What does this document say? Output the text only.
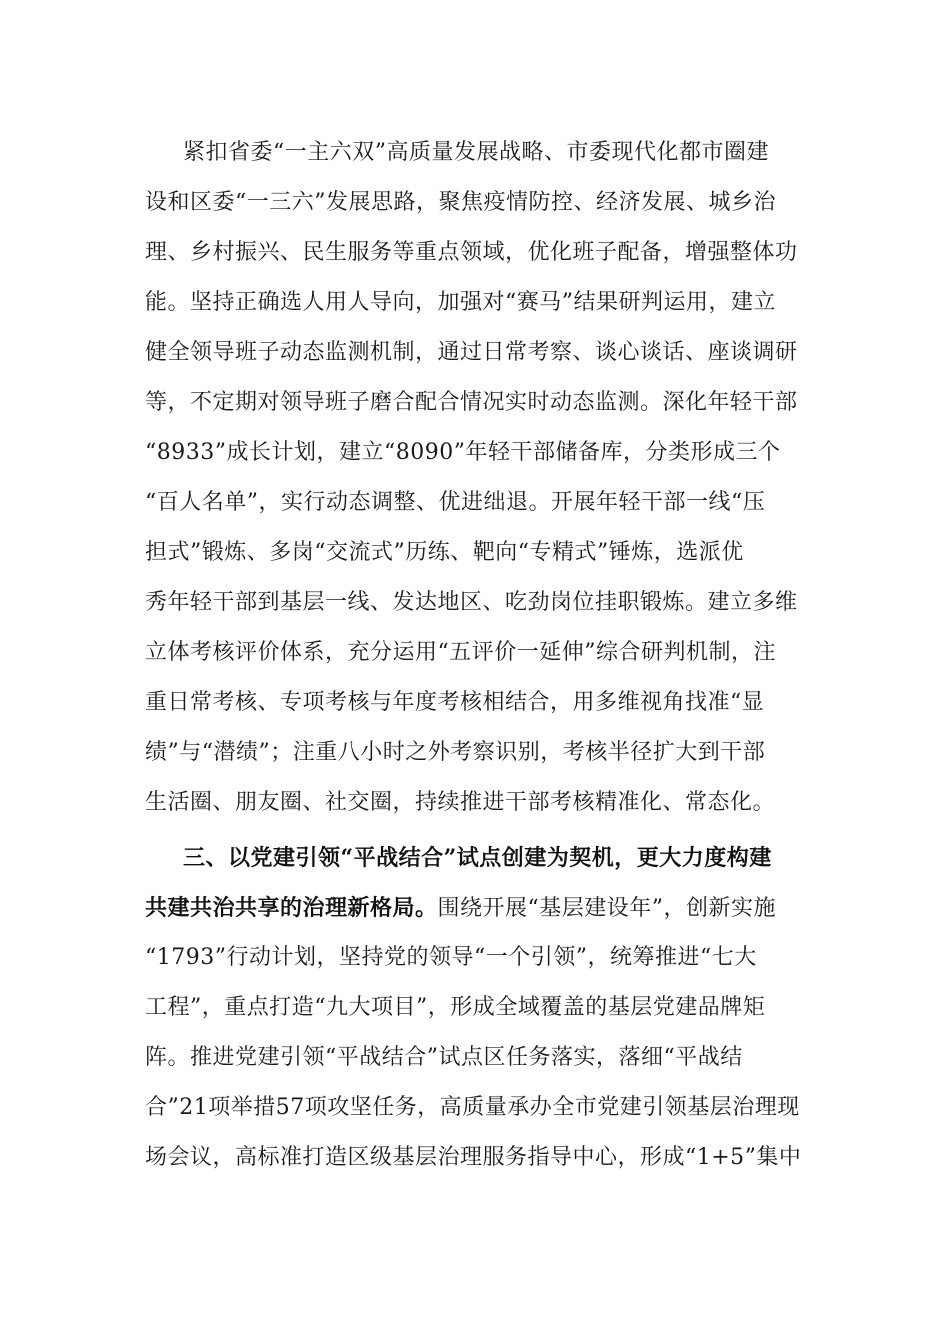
紧扣省委“一主六双”高质量发展战略、市委现代化都市圈建
设和区委“一三六”发展思路，聚焦疫情防控、经济发展、城乡治
理、乡村振兴、民生服务等重点领域，优化班子配备，增强整体功
能。坚持正确选人用人导向，加强对“赛马”结果研判运用，建立
健全领导班子动态监测机制，通过日常考察、谈心谈话、座谈调研
等，不定期对领导班子磨合配合情况实时动态监测。深化年轻干部
“8933”成长计划，建立“8090”年轻干部储备库，分类形成三个
“百人名单”，实行动态调整、优进绌退。开展年轻干部一线“压
担式”锻炼、多岗“交流式”历练、靶向“专精式”锤炼，选派优
秀年轻干部到基层一线、发达地区、吃劲岗位挂职锻炼。建立多维
立体考核评价体系，充分运用“五评价一延伸”综合研判机制，注
重日常考核、专项考核与年度考核相结合，用多维视角找准“显
绩”与“潜绩”；注重八小时之外考察识别，考核半径扩大到干部
生活圈、朋友圈、社交圈，持续推进干部考核精准化、常态化。
三、以党建引领“平战结合”试点创建为契机，更大力度构建
共建共治共享的治理新格局。围绕开展“基层建设年”，创新实施
“1793”行动计划，坚持党的领导“一个引领”，统筹推进“七大
工程”，重点打造“九大项目”，形成全域覆盖的基层党建品牌矩
阵。推进党建引领“平战结合”试点区任务落实，落细“平战结
合”21项举措57项攻坚任务，高质量承办全市党建引领基层治理现
场会议，高标准打造区级基层治理服务指导中心，形成“1+5”集中
